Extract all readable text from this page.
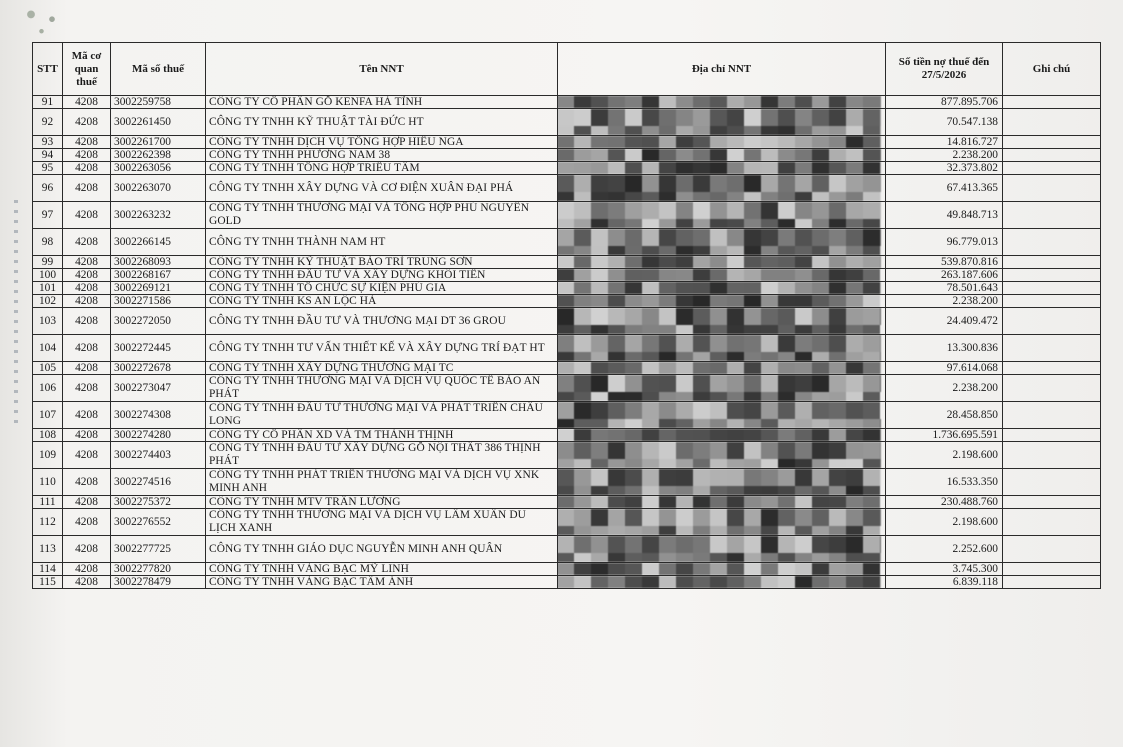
STT	Mã cơ quan thuế	Mã số thuế	Tên NNT	Địa chỉ NNT	Số tiền nợ thuế đến 27/5/2026	Ghi chú
91	4208	3002259758	CÔNG TY CỔ PHẦN GỖ KENFA HÀ TĨNH		877.895.706	
92	4208	3002261450	CÔNG TY TNHH KỸ THUẬT TÀI ĐỨC HT		70.547.138	
93	4208	3002261700	CÔNG TY TNHH DỊCH VỤ TỔNG HỢP HIẾU NGA		14.816.727	
94	4208	3002262398	CÔNG TY TNHH PHƯƠNG NAM 38		2.238.200	
95	4208	3002263056	CÔNG TY TNHH TỔNG HỢP TRIỀU TÂM		32.373.802	
96	4208	3002263070	CÔNG TY TNHH XÂY DỰNG VÀ CƠ ĐIỆN XUÂN ĐẠI PHÁ		67.413.365	
97	4208	3002263232	CÔNG TY TNHH THƯƠNG MẠI VÀ TỔNG HỢP PHÚ NGUYÊN GOLD		49.848.713	
98	4208	3002266145	CÔNG TY TNHH THÀNH NAM HT		96.779.013	
99	4208	3002268093	CÔNG TY TNHH KỸ THUẬT BẢO TRÌ TRUNG SƠN		539.870.816	
100	4208	3002268167	CÔNG TY TNHH ĐẦU TƯ VÀ XÂY DỰNG KHÔI TIẾN		263.187.606	
101	4208	3002269121	CÔNG TY TNHH TỔ CHỨC SỰ KIỆN PHÚ GIA		78.501.643	
102	4208	3002271586	CÔNG TY TNHH KS AN LỘC HÀ		2.238.200	
103	4208	3002272050	CÔNG TY TNHH ĐẦU TƯ VÀ THƯƠNG MẠI DT 36 GROU		24.409.472	
104	4208	3002272445	CÔNG TY TNHH TƯ VẤN THIẾT KẾ VÀ XÂY DỰNG TRÍ ĐẠT HT		13.300.836	
105	4208	3002272678	CÔNG TY TNHH XÂY DỰNG THƯƠNG MẠI TC		97.614.068	
106	4208	3002273047	CÔNG TY TNHH THƯƠNG MẠI VÀ DỊCH VỤ QUỐC TẾ BẢO AN PHÁT		2.238.200	
107	4208	3002274308	CÔNG TY TNHH ĐẦU TƯ THƯƠNG MẠI VÀ PHÁT TRIỂN CHÂU LONG		28.458.850	
108	4208	3002274280	CÔNG TY CỔ PHẦN XD VÀ TM THÀNH THỊNH		1.736.695.591	
109	4208	3002274403	CÔNG TY TNHH ĐẦU TƯ XÂY DỰNG GỖ NỘI THẤT 386 THỊNH PHÁT		2.198.600	
110	4208	3002274516	CÔNG TY TNHH PHÁT TRIỂN THƯƠNG MẠI VÀ DỊCH VỤ XNK MINH ANH		16.533.350	
111	4208	3002275372	CÔNG TY TNHH MTV TRẦN LƯƠNG		230.488.760	
112	4208	3002276552	CÔNG TY TNHH THƯƠNG MẠI VÀ DỊCH VỤ LÂM XUÂN DU LỊCH XANH		2.198.600	
113	4208	3002277725	CÔNG TY TNHH GIÁO DỤC NGUYỄN MINH ANH QUÂN		2.252.600	
114	4208	3002277820	CÔNG TY TNHH VÀNG BẠC MỸ LINH		3.745.300	
115	4208	3002278479	CÔNG TY TNHH VÀNG BẠC TÂM ÁNH		6.839.118	
